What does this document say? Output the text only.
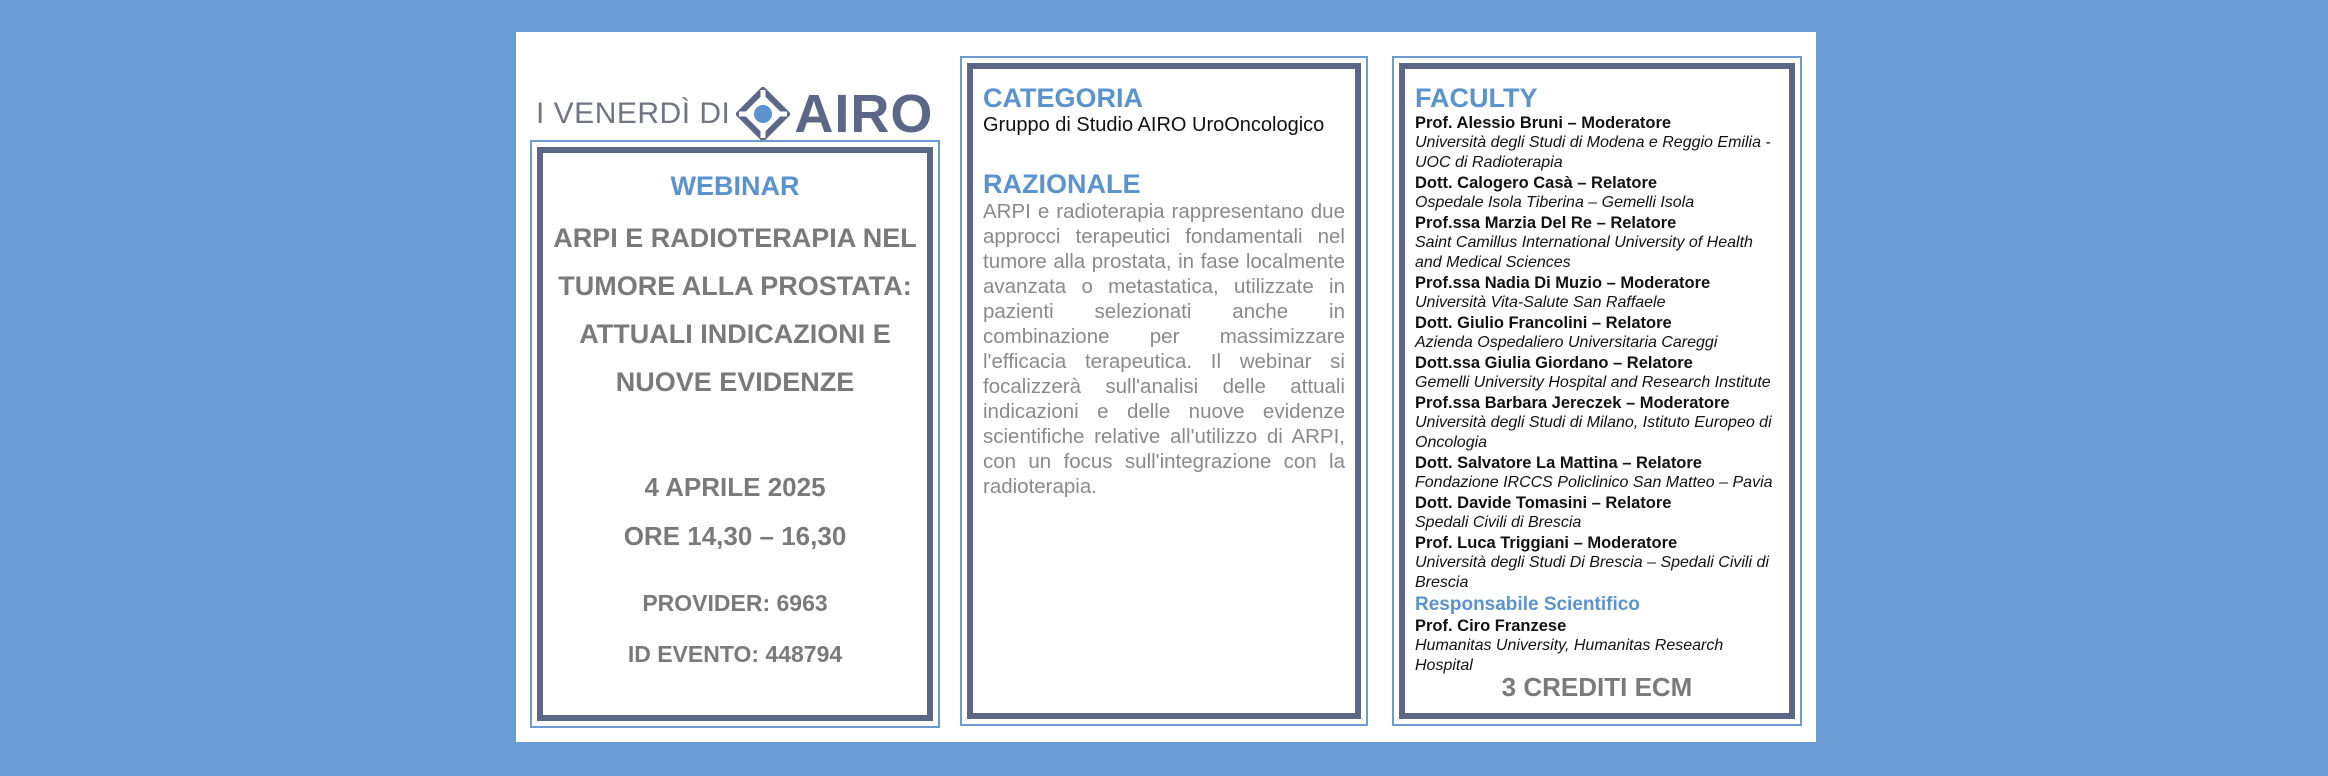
I VENERDÌ DI AIRO
WEBINAR
ARPI E RADIOTERAPIA NEL
TUMORE ALLA PROSTATA:
ATTUALI INDICAZIONI E
NUOVE EVIDENZE
4 APRILE 2025
ORE 14,30 – 16,30
PROVIDER: 6963
ID EVENTO: 448794
CATEGORIA
Gruppo di Studio AIRO UroOncologico
RAZIONALE
ARPI e radioterapia rappresentano due approcci terapeutici fondamentali nel tumore alla prostata, in fase localmente avanzata o metastatica, utilizzate in pazienti selezionati anche in combinazione per massimizzare l'efficacia terapeutica. Il webinar si focalizzerà sull'analisi delle attuali indicazioni e delle nuove evidenze scientifiche relative all'utilizzo di ARPI, con un focus sull'integrazione con la radioterapia.
FACULTY
Prof. Alessio Bruni – Moderatore
Università degli Studi di Modena e Reggio Emilia - UOC di Radioterapia
Dott. Calogero Casà – Relatore
Ospedale Isola Tiberina – Gemelli Isola
Prof.ssa Marzia Del Re – Relatore
Saint Camillus International University of Health and Medical Sciences
Prof.ssa Nadia Di Muzio – Moderatore
Università Vita-Salute San Raffaele
Dott. Giulio Francolini – Relatore
Azienda Ospedaliero Universitaria Careggi
Dott.ssa Giulia Giordano – Relatore
Gemelli University Hospital and Research Institute
Prof.ssa Barbara Jereczek – Moderatore
Università degli Studi di Milano, Istituto Europeo di Oncologia
Dott. Salvatore La Mattina – Relatore
Fondazione IRCCS Policlinico San Matteo – Pavia
Dott. Davide Tomasini – Relatore
Spedali Civili di Brescia
Prof. Luca Triggiani – Moderatore
Università degli Studi Di Brescia – Spedali Civili di Brescia
Responsabile Scientifico
Prof. Ciro Franzese
Humanitas University, Humanitas Research Hospital
3 CREDITI ECM
